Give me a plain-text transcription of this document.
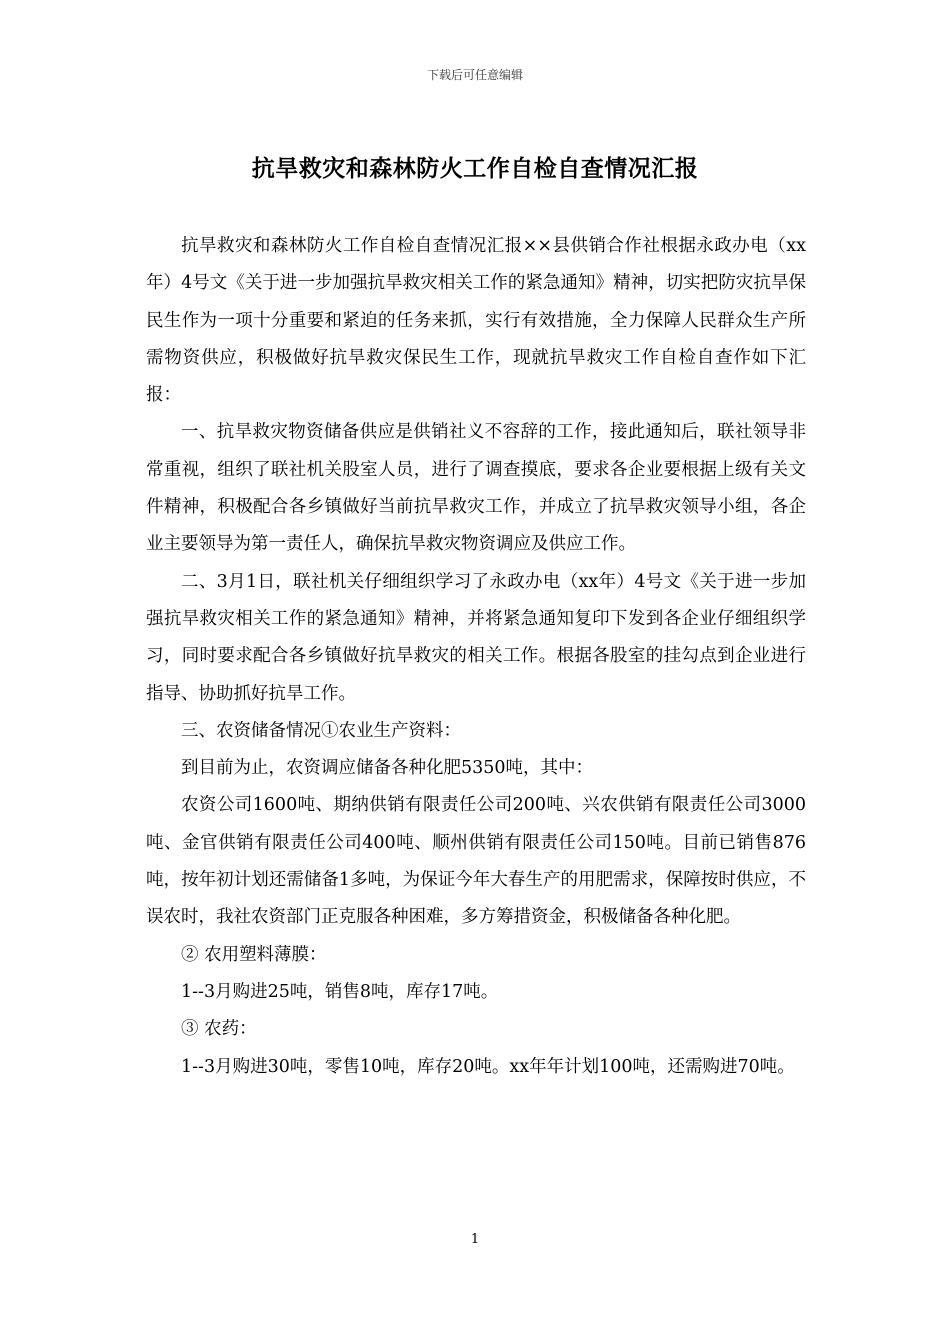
下载后可任意编辑
抗旱救灾和森林防火工作自检自查情况汇报

抗旱救灾和森林防火工作自检自查情况汇报××县供销合作社根据永政办电（xx年）4号文《关于进一步加强抗旱救灾相关工作的紧急通知》精神，切实把防灾抗旱保民生作为一项十分重要和紧迫的任务来抓，实行有效措施，全力保障人民群众生产所需物资供应，积极做好抗旱救灾保民生工作，现就抗旱救灾工作自检自查作如下汇报：

一、抗旱救灾物资储备供应是供销社义不容辞的工作，接此通知后，联社领导非常重视，组织了联社机关股室人员，进行了调查摸底，要求各企业要根据上级有关文件精神，积极配合各乡镇做好当前抗旱救灾工作，并成立了抗旱救灾领导小组，各企业主要领导为第一责任人，确保抗旱救灾物资调应及供应工作。

二、3月1日，联社机关仔细组织学习了永政办电（xx年）4号文《关于进一步加强抗旱救灾相关工作的紧急通知》精神，并将紧急通知复印下发到各企业仔细组织学习，同时要求配合各乡镇做好抗旱救灾的相关工作。根据各股室的挂勾点到企业进行指导、协助抓好抗旱工作。

三、农资储备情况①农业生产资料：

到目前为止，农资调应储备各种化肥5350吨，其中：

农资公司1600吨、期纳供销有限责任公司200吨、兴农供销有限责任公司3000吨、金官供销有限责任公司400吨、顺州供销有限责任公司150吨。目前已销售876吨，按年初计划还需储备1多吨，为保证今年大春生产的用肥需求，保障按时供应，不误农时，我社农资部门正克服各种困难，多方筹措资金，积极储备各种化肥。

② 农用塑料薄膜：

1--3月购进25吨，销售8吨，库存17吨。

③ 农药：

1--3月购进30吨，零售10吨，库存20吨。xx年年计划100吨，还需购进70吨。

1
